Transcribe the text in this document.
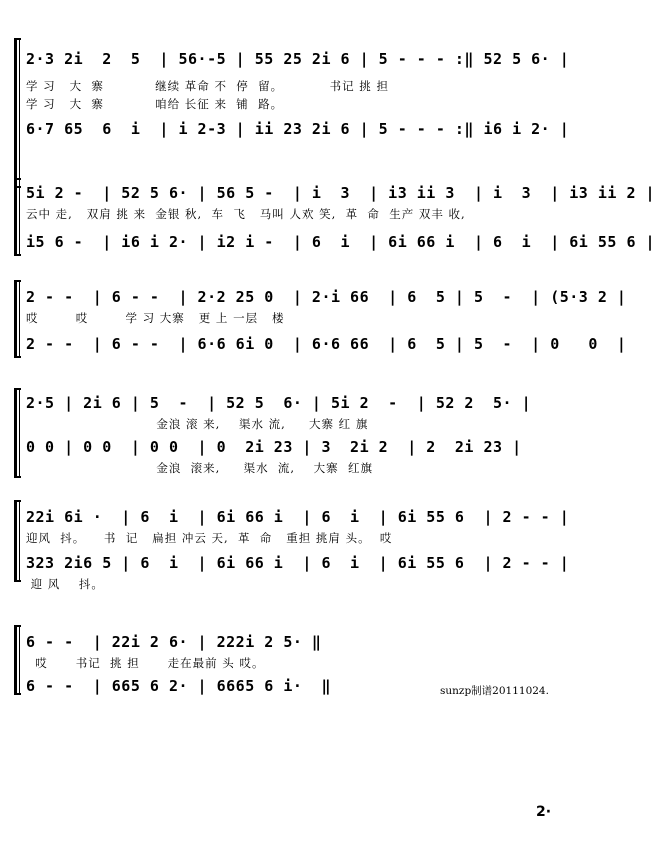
2·3 2i  2  5  | 56·-5 | 55 25 2i 6 | 5 - - - :‖ 52 5 6· |
学 习   大  寨           继续 革命 不  停  留。          书记 挑 担
学 习   大  寨           咱给 长征 来  铺  路。
6·7 65  6  i  | i 2-3 | ii 23 2i 6 | 5 - - - :‖ i6 i 2· |
5i 2 -  | 52 5 6· | 56 5 -  | i  3  | i3 ii 3  | i  3  | i3 ii 2 |
云中 走,   双肩 挑 来  金银 秋,  车  飞   马叫 人欢 笑,  革  命  生产 双丰 收,
i5 6 -  | i6 i 2· | i2 i -  | 6  i  | 6i 66 i  | 6  i  | 6i 55 6 |
2 - -  | 6 - -  | 2·2 25 0  | 2·i 66  | 6  5 | 5  -  | (5·3 2 |
哎        哎        学 习 大寨   更 上 一层   楼
2 - -  | 6 - -  | 6·6 6i 0  | 6·6 66  | 6  5 | 5  -  | 0   0  |
2·5 | 2i 6 | 5  -  | 52 5  6· | 5i 2  -  | 52 2  5· |
金浪 滚 来,    渠水 流,     大寨 红 旗
0 0 | 0 0  | 0 0  | 0  2i 23 | 3  2i 2  | 2  2i 23 |
金浪  滚来,     渠水  流,    大寨  红旗
22i 6i ·  | 6  i  | 6i 66 i  | 6  i  | 6i 55 6  | 2 - - |
迎风  抖。    书  记   扁担 冲云 天,  革  命   重担 挑肩 头。  哎
323 2i6 5 | 6  i  | 6i 66 i  | 6  i  | 6i 55 6  | 2 - - |
迎 风    抖。
6 - -  | 22i 2 6· | 222i 2 5· ‖
哎      书记  挑 担      走在最前 头 哎。
6 - -  | 665 6 2· | 6665 6 i·  ‖	sunzp制谱20111024.
2·
